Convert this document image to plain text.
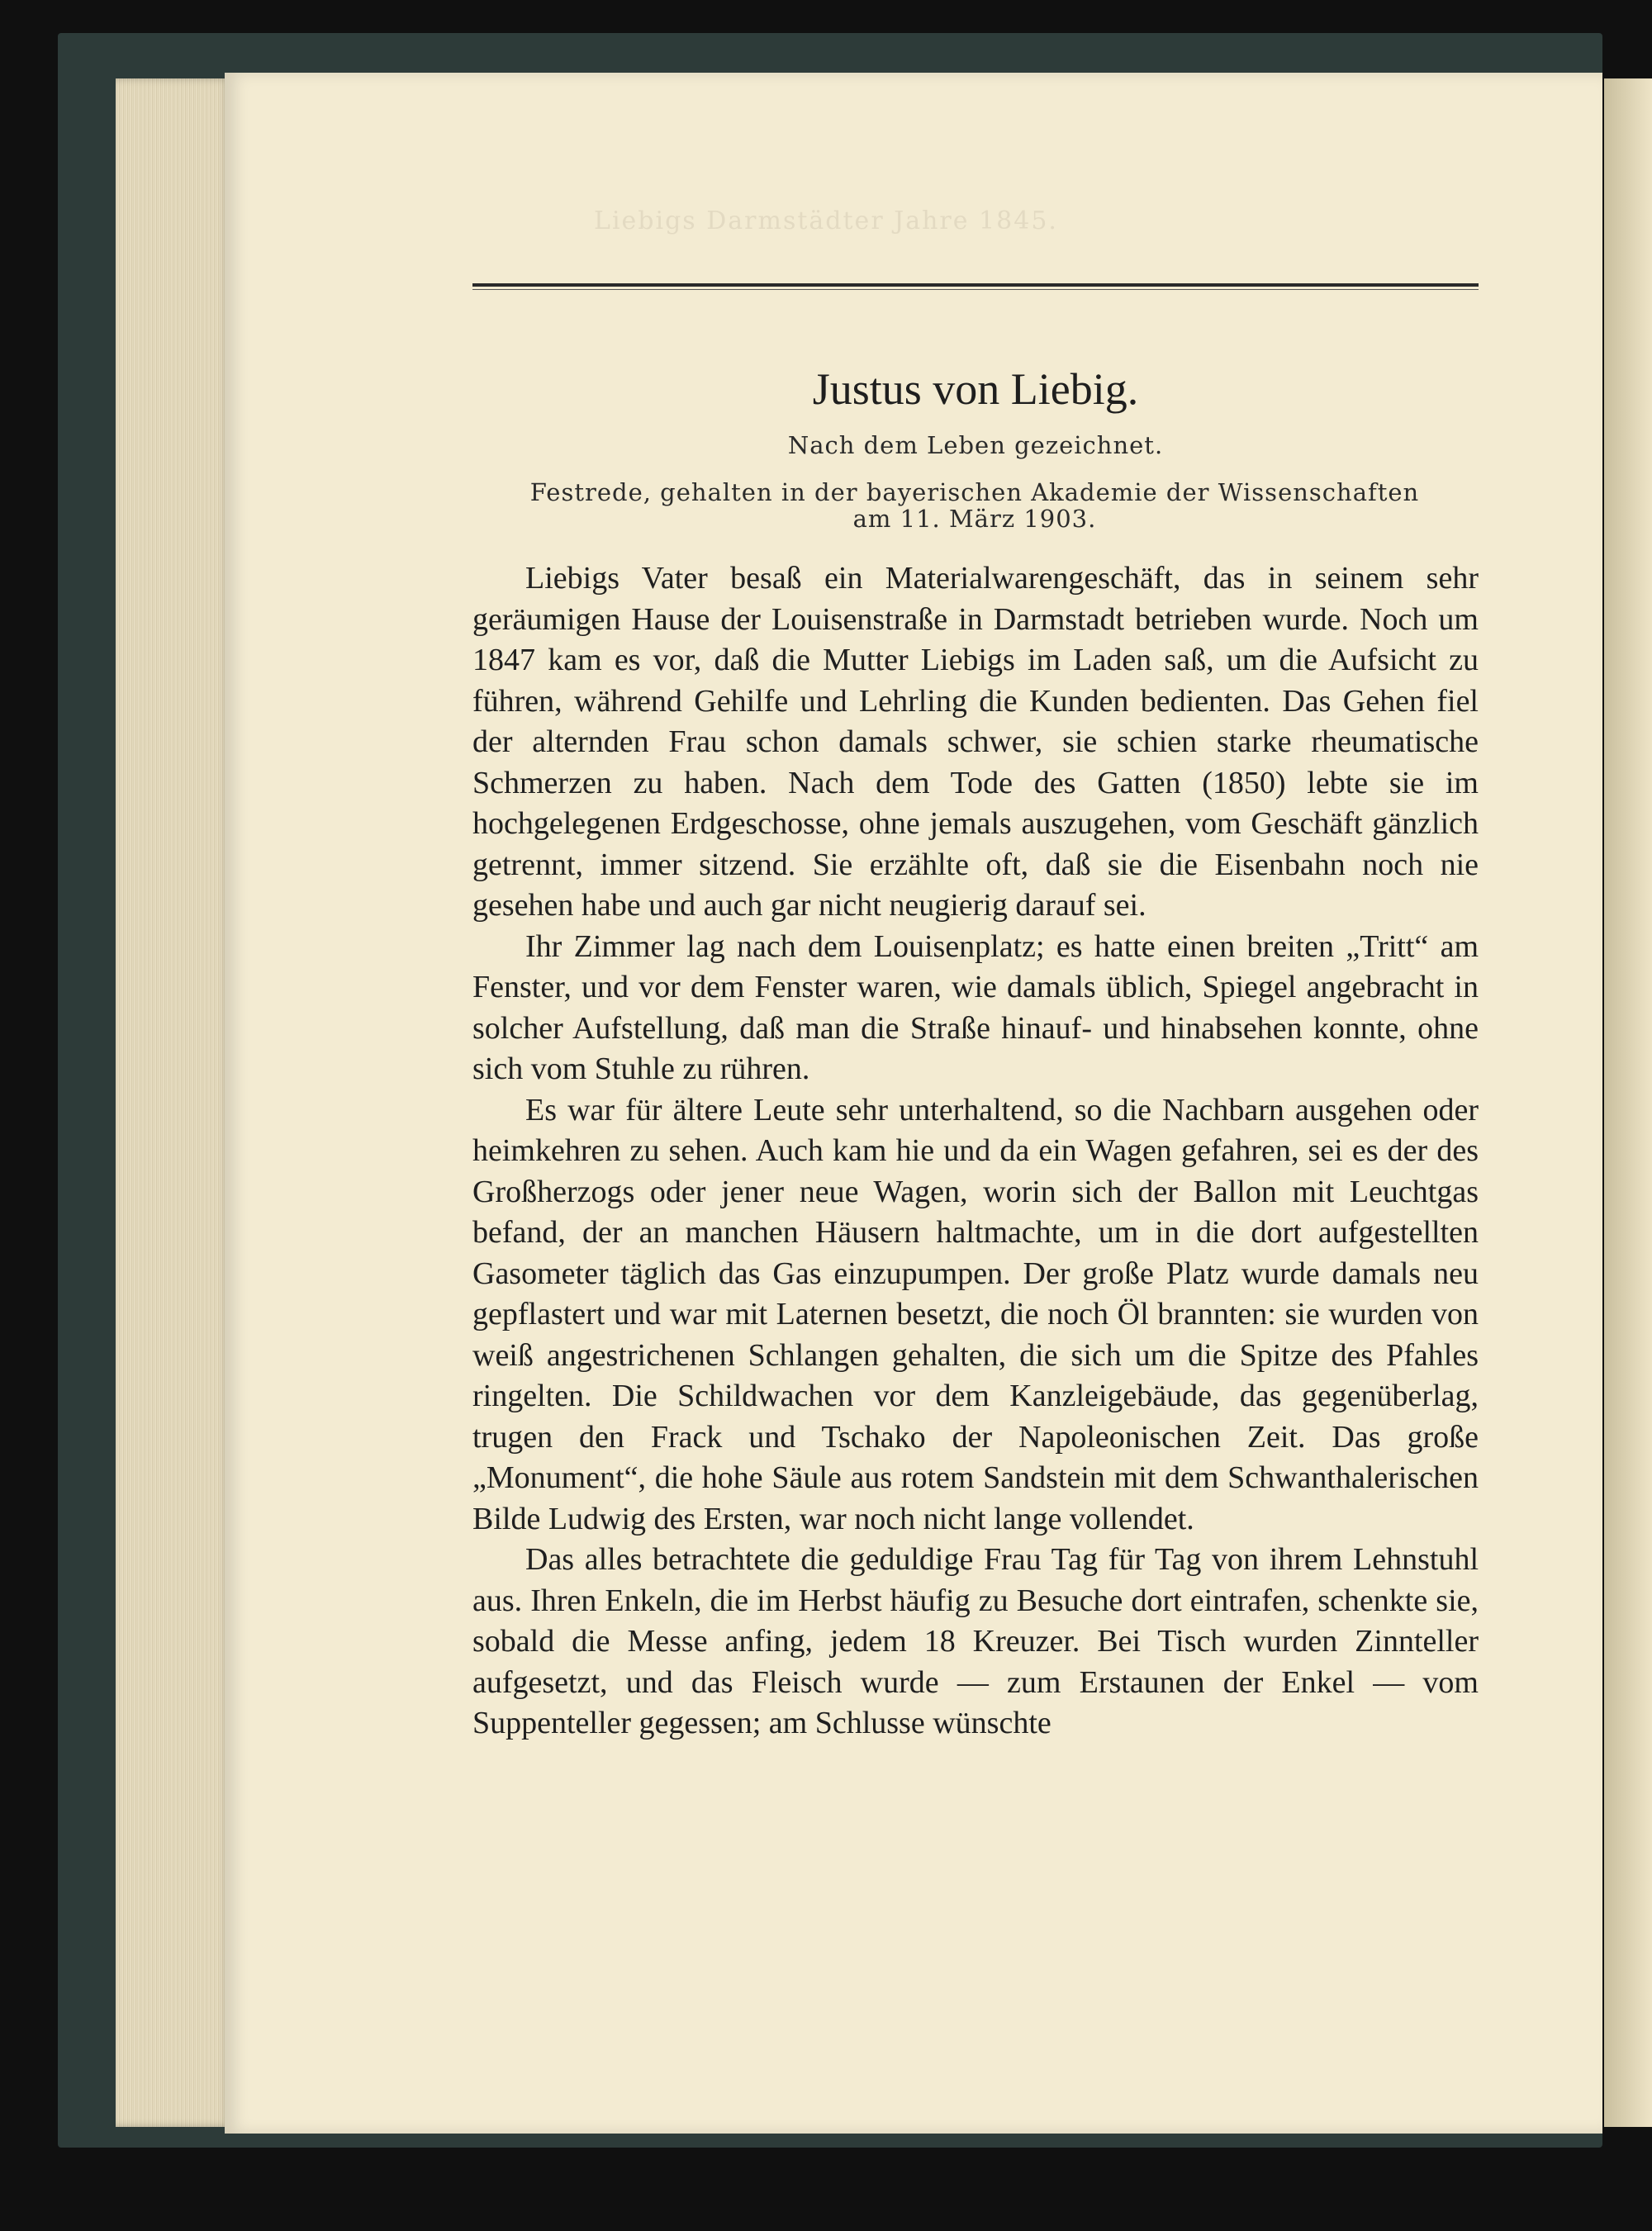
Liebigs Darmstädter Jahre 1845.
Justus von Liebig.
Nach dem Leben gezeichnet.
Festrede, gehalten in der bayerischen Akademie der Wissenschaften
am 11. März 1903.

Liebigs Vater besaß ein Materialwarengeschäft, das in seinem sehr geräumigen Hause der Louisenstraße in Darmstadt betrieben wurde. Noch um 1847 kam es vor, daß die Mutter Liebigs im Laden saß, um die Aufsicht zu führen, während Gehilfe und Lehrling die Kunden bedienten. Das Gehen fiel der alternden Frau schon damals schwer, sie schien starke rheumatische Schmerzen zu haben. Nach dem Tode des Gatten (1850) lebte sie im hochgelegenen Erdgeschosse, ohne jemals auszugehen, vom Geschäft gänzlich getrennt, immer sitzend. Sie erzählte oft, daß sie die Eisenbahn noch nie gesehen habe und auch gar nicht neugierig darauf sei.

Ihr Zimmer lag nach dem Louisenplatz; es hatte einen breiten „Tritt“ am Fenster, und vor dem Fenster waren, wie damals üblich, Spiegel angebracht in solcher Aufstellung, daß man die Straße hinauf- und hinabsehen konnte, ohne sich vom Stuhle zu rühren.

Es war für ältere Leute sehr unterhaltend, so die Nachbarn ausgehen oder heimkehren zu sehen. Auch kam hie und da ein Wagen gefahren, sei es der des Großherzogs oder jener neue Wagen, worin sich der Ballon mit Leuchtgas befand, der an manchen Häusern haltmachte, um in die dort aufgestellten Gasometer täglich das Gas einzupumpen. Der große Platz wurde damals neu gepflastert und war mit Laternen besetzt, die noch Öl brannten: sie wurden von weiß angestrichenen Schlangen gehalten, die sich um die Spitze des Pfahles ringelten. Die Schildwachen vor dem Kanzleigebäude, das gegenüberlag, trugen den Frack und Tschako der Napoleonischen Zeit. Das große „Monument“, die hohe Säule aus rotem Sandstein mit dem Schwanthalerischen Bilde Ludwig des Ersten, war noch nicht lange vollendet.

Das alles betrachtete die geduldige Frau Tag für Tag von ihrem Lehnstuhl aus. Ihren Enkeln, die im Herbst häufig zu Besuche dort eintrafen, schenkte sie, sobald die Messe anfing, jedem 18 Kreuzer. Bei Tisch wurden Zinnteller aufgesetzt, und das Fleisch wurde — zum Erstaunen der Enkel — vom Suppenteller gegessen; am Schlusse wünschte
